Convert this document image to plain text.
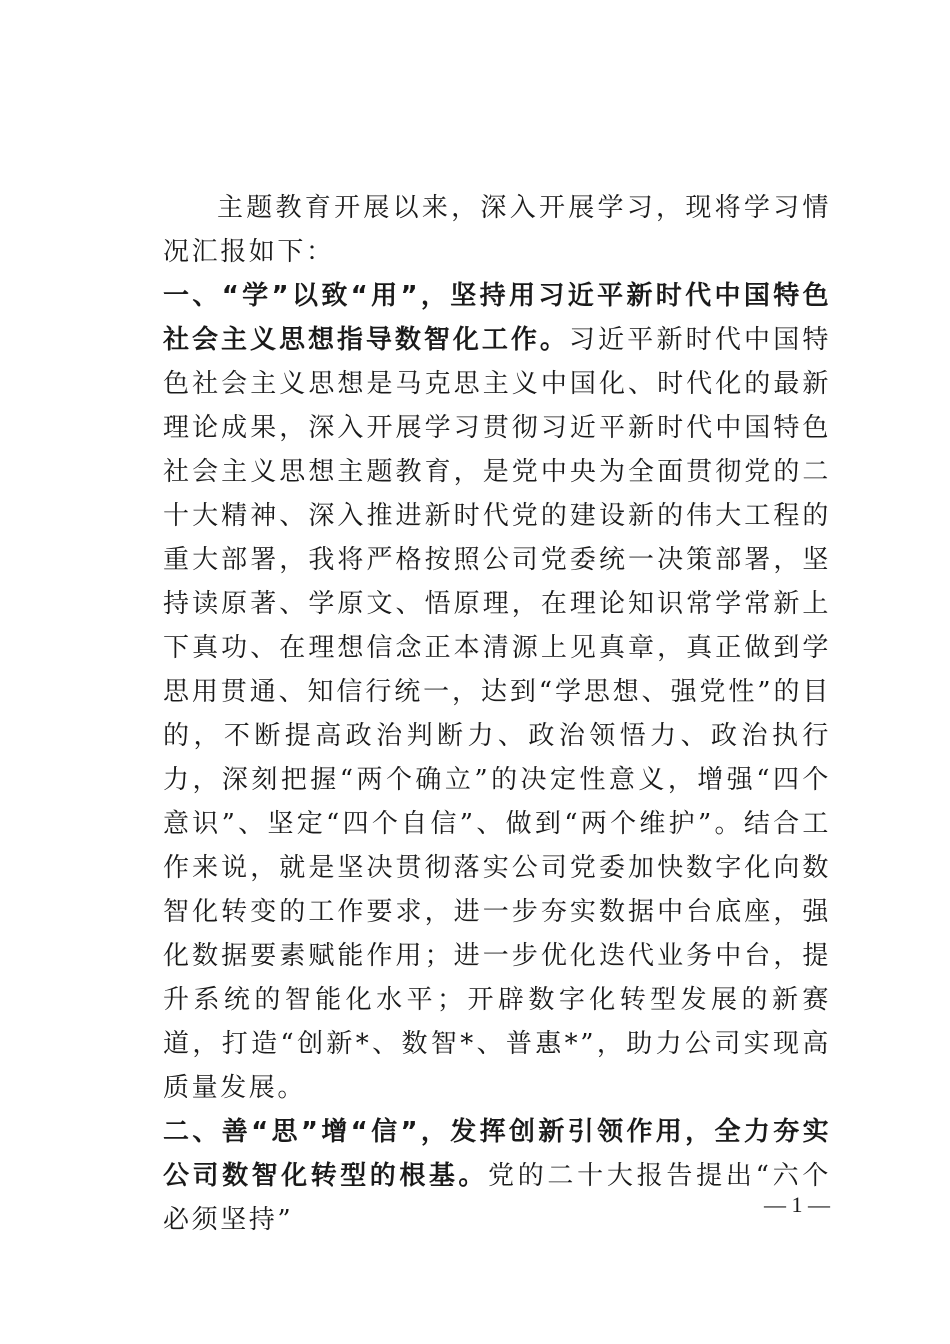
主题教育开展以来，深入开展学习，现将学习情况汇报如下：

一、“学”以致“用”，坚持用习近平新时代中国特色社会主义思想指导数智化工作。习近平新时代中国特色社会主义思想是马克思主义中国化、时代化的最新理论成果，深入开展学习贯彻习近平新时代中国特色社会主义思想主题教育，是党中央为全面贯彻党的二十大精神、深入推进新时代党的建设新的伟大工程的重大部署，我将严格按照公司党委统一决策部署，坚持读原著、学原文、悟原理，在理论知识常学常新上下真功、在理想信念正本清源上见真章，真正做到学思用贯通、知信行统一，达到“学思想、强党性”的目的，不断提高政治判断力、政治领悟力、政治执行力，深刻把握“两个确立”的决定性意义，增强“四个意识”、坚定“四个自信”、做到“两个维护”。结合工作来说，就是坚决贯彻落实公司党委加快数字化向数智化转变的工作要求，进一步夯实数据中台底座，强化数据要素赋能作用；进一步优化迭代业务中台，提升系统的智能化水平；开辟数字化转型发展的新赛道，打造“创新*、数智*、普惠*”，助力公司实现高质量发展。

二、善“思”增“信”，发挥创新引领作用，全力夯实公司数智化转型的根基。党的二十大报告提出“六个必须坚持”

— 1 —
